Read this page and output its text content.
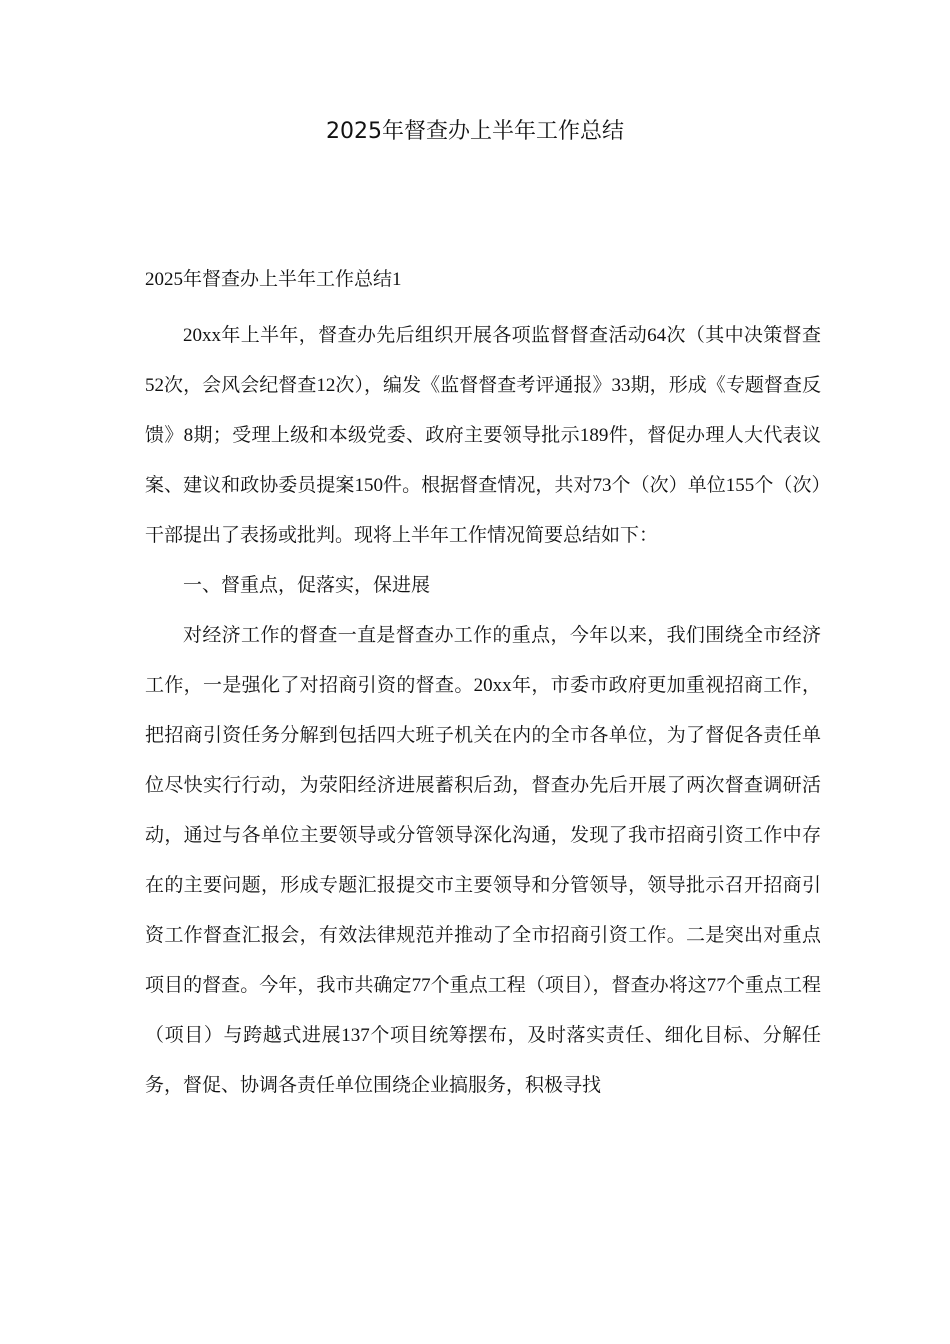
2025年督查办上半年工作总结
2025年督查办上半年工作总结1

20xx年上半年，督查办先后组织开展各项监督督查活动64次（其中决策督查52次，会风会纪督查12次），编发《监督督查考评通报》33期，形成《专题督查反馈》8期；受理上级和本级党委、政府主要领导批示189件，督促办理人大代表议案、建议和政协委员提案150件。根据督查情况，共对73个（次）单位155个（次）干部提出了表扬或批判。现将上半年工作情况简要总结如下：

一、督重点，促落实，保进展

对经济工作的督查一直是督查办工作的重点，今年以来，我们围绕全市经济工作，一是强化了对招商引资的督查。20xx年，市委市政府更加重视招商工作，把招商引资任务分解到包括四大班子机关在内的全市各单位，为了督促各责任单位尽快实行行动，为荥阳经济进展蓄积后劲，督查办先后开展了两次督查调研活动，通过与各单位主要领导或分管领导深化沟通，发现了我市招商引资工作中存在的主要问题，形成专题汇报提交市主要领导和分管领导，领导批示召开招商引资工作督查汇报会，有效法律规范并推动了全市招商引资工作。二是突出对重点项目的督查。今年，我市共确定77个重点工程（项目），督查办将这77个重点工程（项目）与跨越式进展137个项目统筹摆布，及时落实责任、细化目标、分解任务，督促、协调各责任单位围绕企业搞服务，积极寻找
